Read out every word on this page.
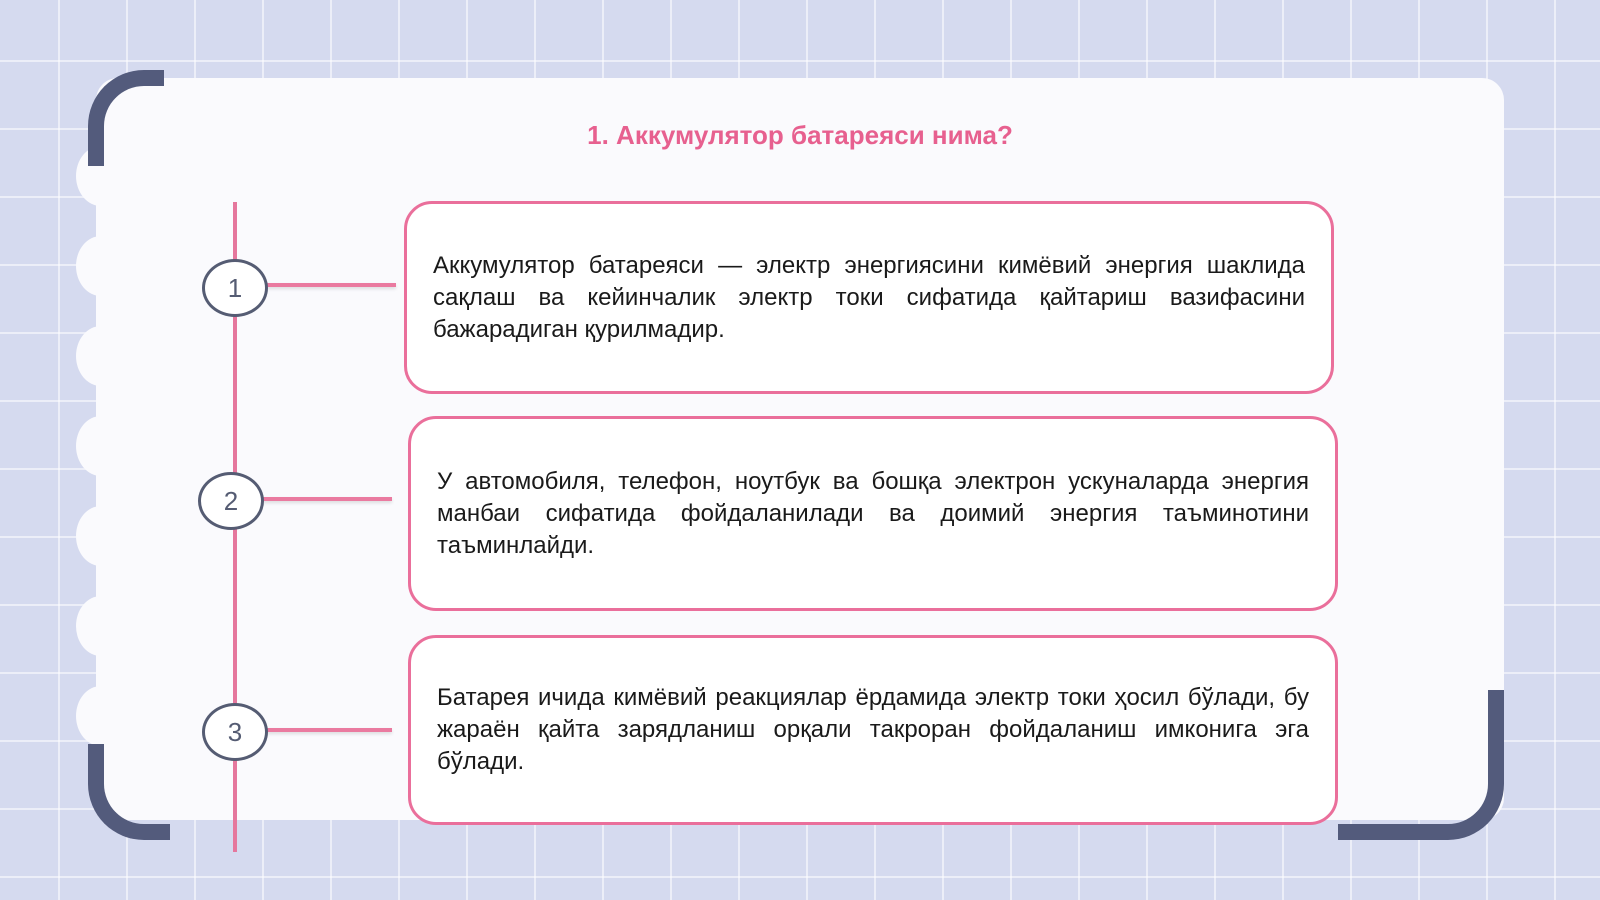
1. Аккумулятор батареяси нима?
1
2
3

Аккумулятор батареяси — электр энергиясини кимёвий энергия шаклида сақлаш ва кейинчалик электр токи сифатида қайтариш вазифасини бажарадиган қурилмадир.

У автомобиля, телефон, ноутбук ва бошқа электрон ускуналарда энергия манбаи сифатида фойдаланилади ва доимий энергия таъминотини таъминлайди.

Батарея ичида кимёвий реакциялар ёрдамида электр токи ҳосил бўлади, бу жараён қайта зарядланиш орқали такроран фойдаланиш имконига эга бўлади.
